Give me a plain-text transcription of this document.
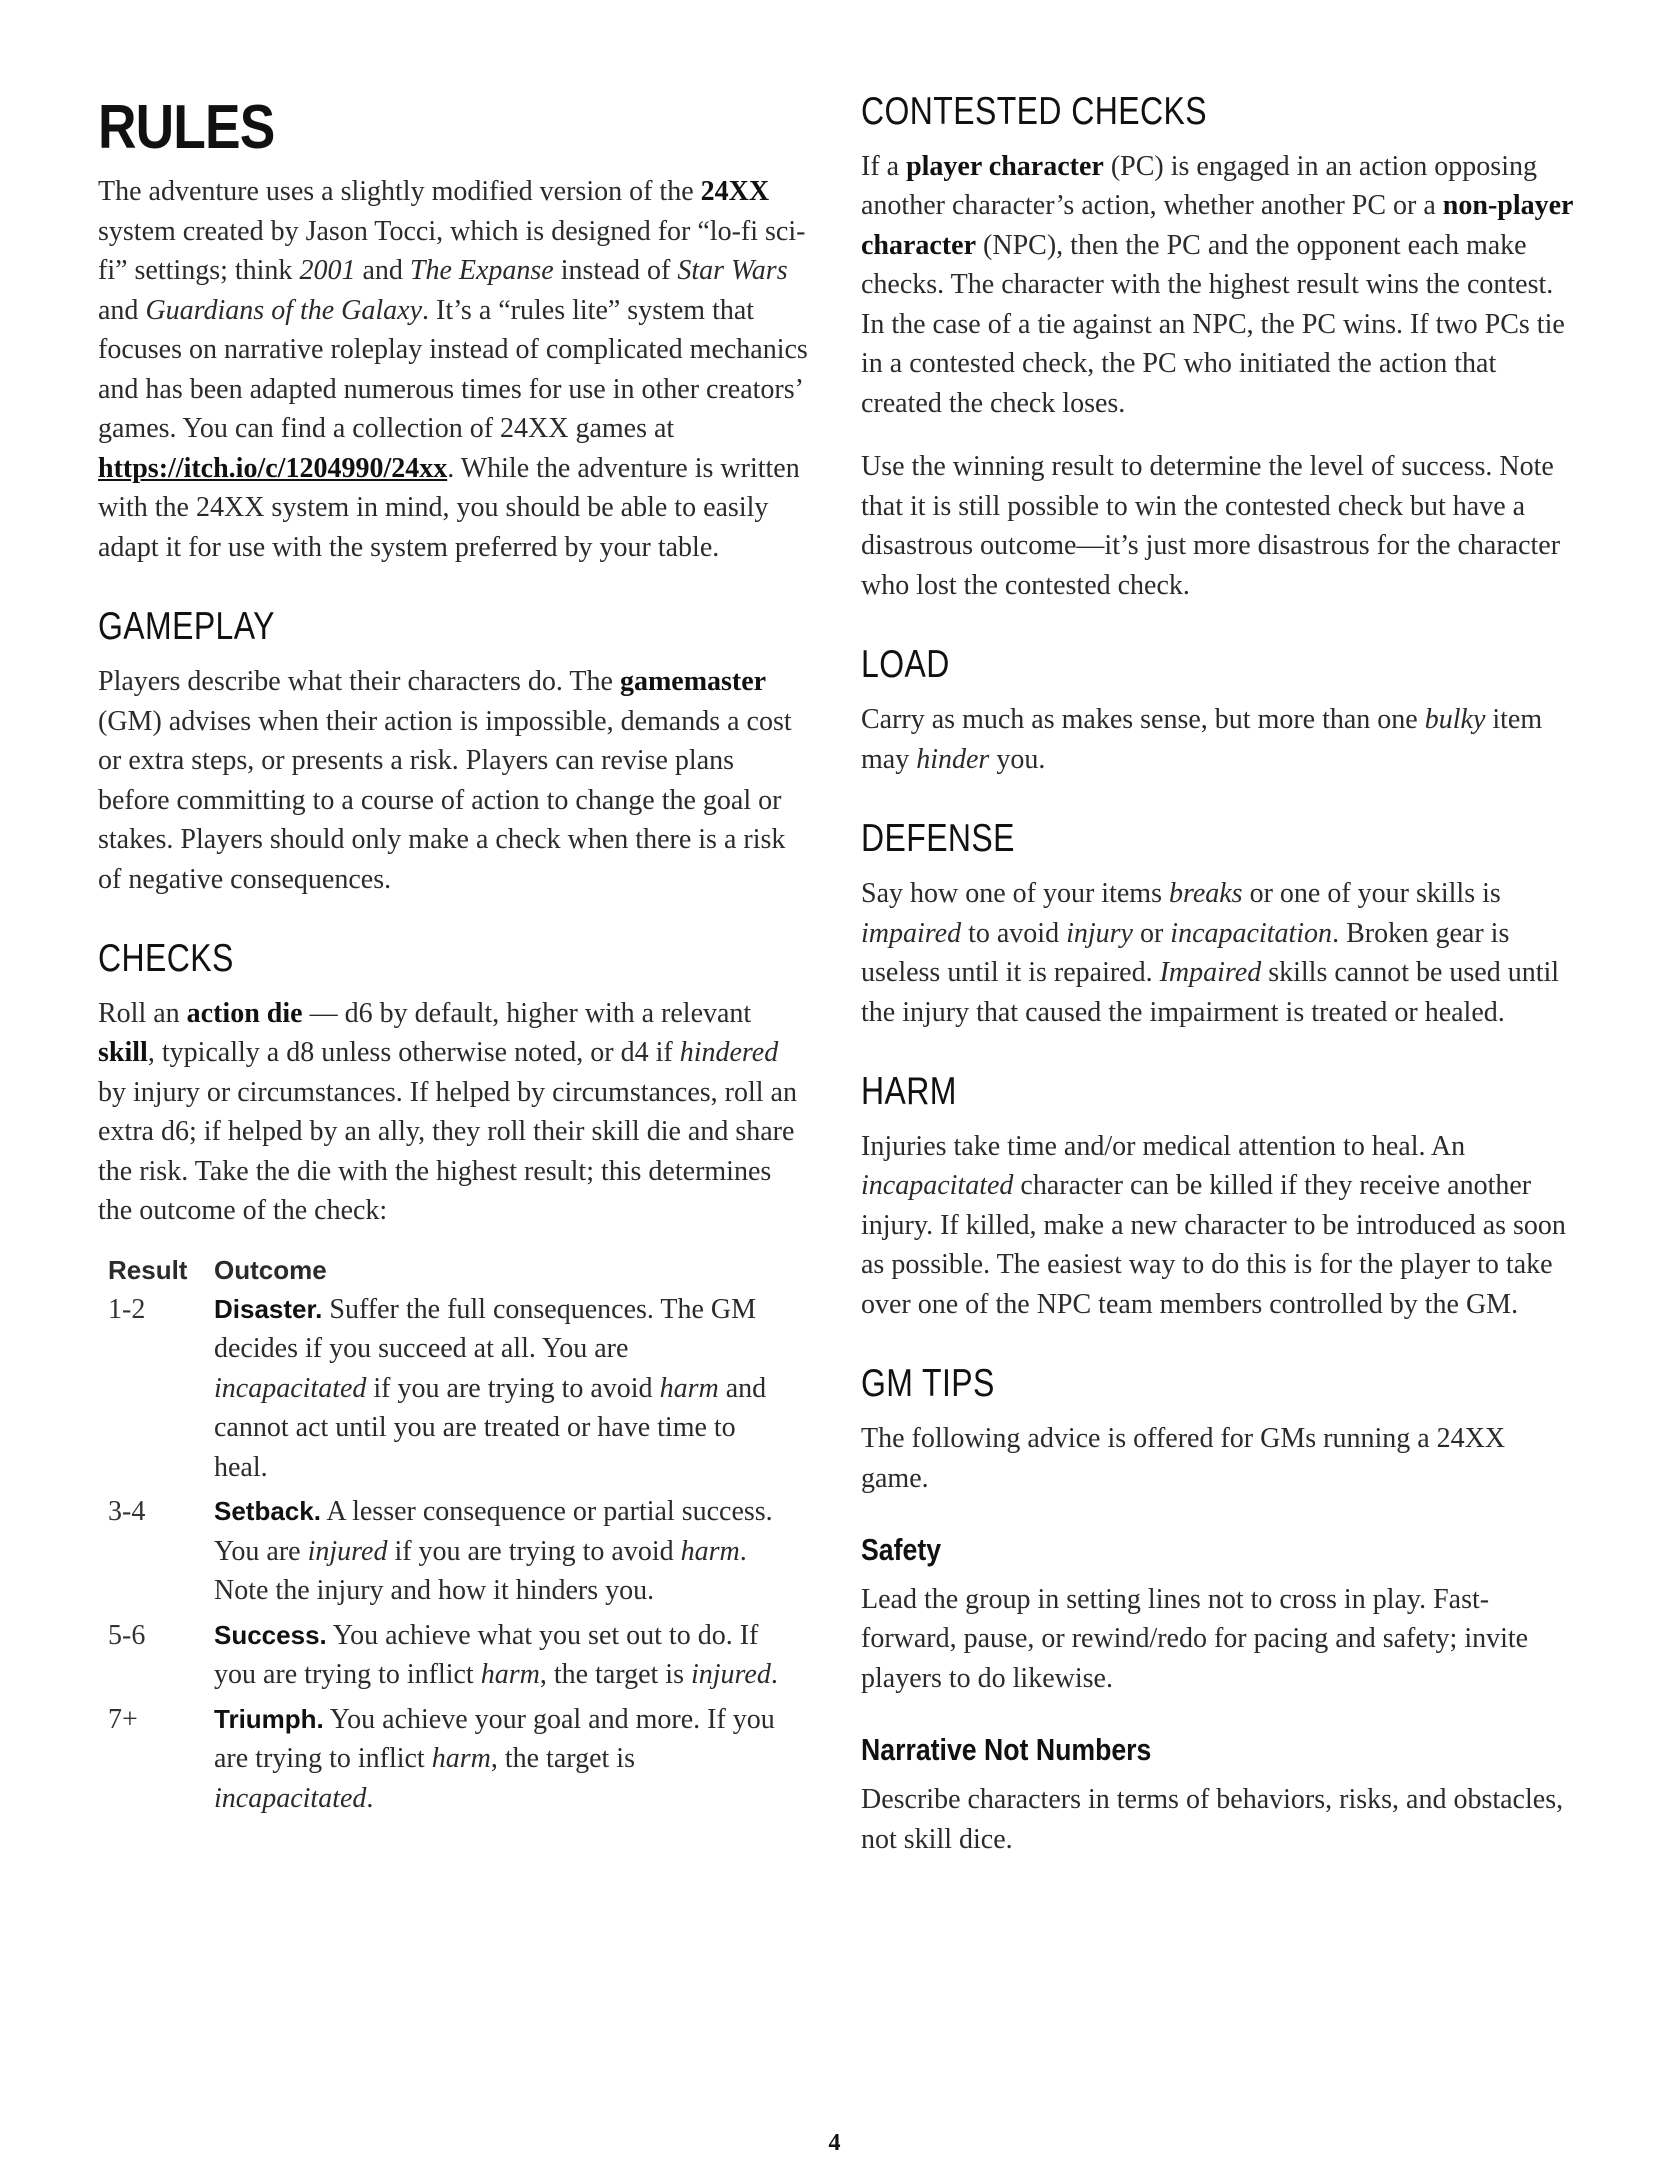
RULES

The adventure uses a slightly modified version of the 24XX system created by Jason Tocci, which is designed for “lo-fi sci-fi” settings; think 2001 and The Expanse instead of Star Wars and Guardians of the Galaxy. It’s a “rules lite” system that focuses on narrative roleplay instead of complicated mechanics and has been adapted numerous times for use in other creators’ games. You can find a collection of 24XX games at https://itch.io/c/1204990/24xx. While the adventure is written with the 24XX system in mind, you should be able to easily adapt it for use with the system preferred by your table.

GAMEPLAY

Players describe what their characters do. The gamemaster (GM) advises when their action is impossible, demands a cost or extra steps, or presents a risk. Players can revise plans before committing to a course of action to change the goal or stakes. Players should only make a check when there is a risk of negative consequences.

CHECKS

Roll an action die — d6 by default, higher with a relevant skill, typically a d8 unless otherwise noted, or d4 if hindered by injury or circumstances. If helped by circumstances, roll an extra d6; if helped by an ally, they roll their skill die and share the risk. Take the die with the highest result; this determines the outcome of the check:

Result	Outcome
1-2	Disaster. Suffer the full consequences. The GM decides if you succeed at all. You are incapacitated if you are trying to avoid harm and cannot act until you are treated or have time to heal.
3-4	Setback. A lesser consequence or partial success. You are injured if you are trying to avoid harm. Note the injury and how it hinders you.
5-6	Success. You achieve what you set out to do. If you are trying to inflict harm, the target is injured.
7+	Triumph. You achieve your goal and more. If you are trying to inflict harm, the target is incapacitated.
CONTESTED CHECKS

If a player character (PC) is engaged in an action opposing another character’s action, whether another PC or a non-player character (NPC), then the PC and the opponent each make checks. The character with the highest result wins the contest. In the case of a tie against an NPC, the PC wins. If two PCs tie in a contested check, the PC who initiated the action that created the check loses.

Use the winning result to determine the level of success. Note that it is still possible to win the contested check but have a disastrous outcome—it’s just more disastrous for the character who lost the contested check.

LOAD

Carry as much as makes sense, but more than one bulky item may hinder you.

DEFENSE

Say how one of your items breaks or one of your skills is impaired to avoid injury or incapacitation. Broken gear is useless until it is repaired. Impaired skills cannot be used until the injury that caused the impairment is treated or healed.

HARM

Injuries take time and/or medical attention to heal. An incapacitated character can be killed if they receive another injury. If killed, make a new character to be introduced as soon as possible. The easiest way to do this is for the player to take over one of the NPC team members controlled by the GM.

GM TIPS

The following advice is offered for GMs running a 24XX game.

Safety

Lead the group in setting lines not to cross in play. Fast-forward, pause, or rewind/redo for pacing and safety; invite players to do likewise.

Narrative Not Numbers

Describe characters in terms of behaviors, risks, and obstacles, not skill dice.

4
